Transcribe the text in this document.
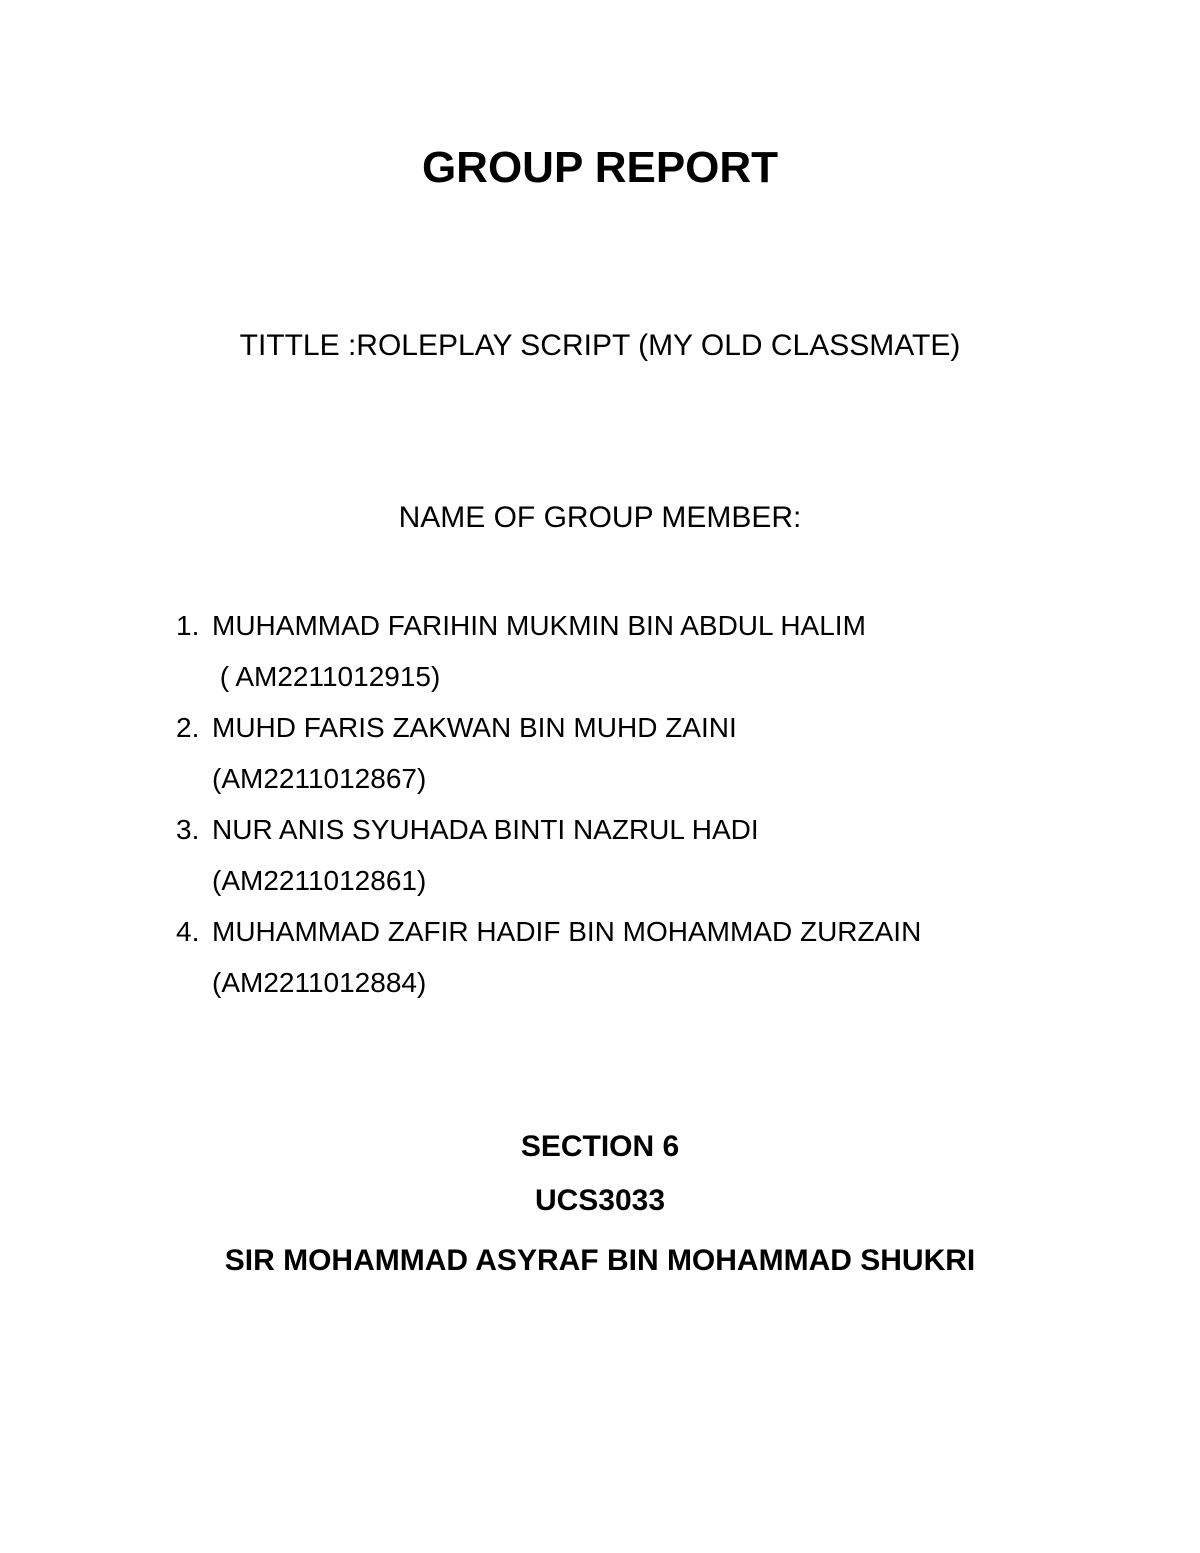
GROUP REPORT
TITTLE :ROLEPLAY SCRIPT (MY OLD CLASSMATE)
NAME OF GROUP MEMBER:
1. MUHAMMAD FARIHIN MUKMIN BIN ABDUL HALIM
( AM2211012915)
2. MUHD FARIS ZAKWAN BIN MUHD ZAINI
(AM2211012867)
3. NUR ANIS SYUHADA BINTI NAZRUL HADI
(AM2211012861)
4. MUHAMMAD ZAFIR HADIF BIN MOHAMMAD ZURZAIN
(AM2211012884)
SECTION 6
UCS3033
SIR MOHAMMAD ASYRAF BIN MOHAMMAD SHUKRI
